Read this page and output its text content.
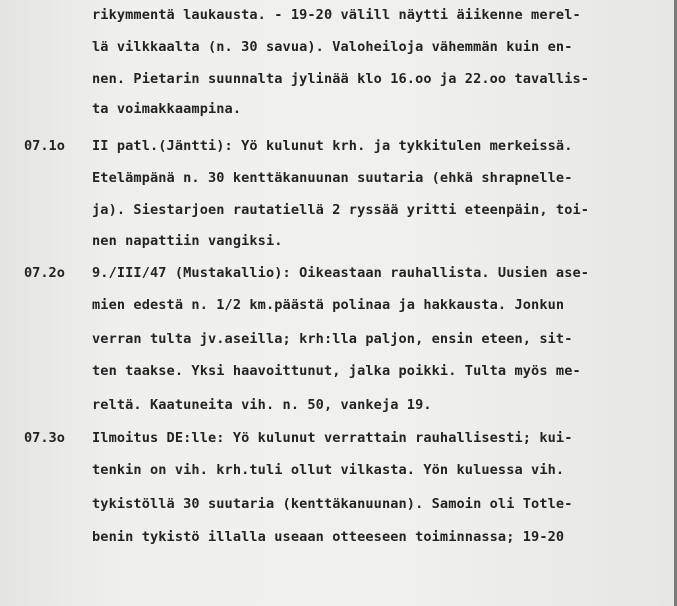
rikymmentä laukausta. - 19-20 välill näytti äiikenne merel-
lä vilkkaalta (n. 30 savua). Valoheiloja vähemmän kuin en-
nen. Pietarin suunnalta jylinää klo 16.oo ja 22.oo tavallis-
ta voimakkaampina.
07.1o II patl.(Jäntti): Yö kulunut krh. ja tykkitulen merkeissä.
Etelämpänä n. 30 kenttäkanuunan suutaria (ehkä shrapnelle-
ja). Siestarjoen rautatiellä 2 ryssää yritti eteenpäin, toi-
nen napattiin vangiksi.
07.2o 9./III/47 (Mustakallio): Oikeastaan rauhallista. Uusien ase-
mien edestä n. 1/2 km.päästä polinaa ja hakkausta. Jonkun
verran tulta jv.aseilla; krh:lla paljon, ensin eteen, sit-
ten taakse. Yksi haavoittunut, jalka poikki. Tulta myös me-
reltä. Kaatuneita vih. n. 50, vankeja 19.
07.3o Ilmoitus DE:lle: Yö kulunut verrattain rauhallisesti; kui-
tenkin on vih. krh.tuli ollut vilkasta. Yön kuluessa vih.
tykistöllä 30 suutaria (kenttäkanuunan). Samoin oli Totle-
benin tykistö illalla useaan otteeseen toiminnassa; 19-20
